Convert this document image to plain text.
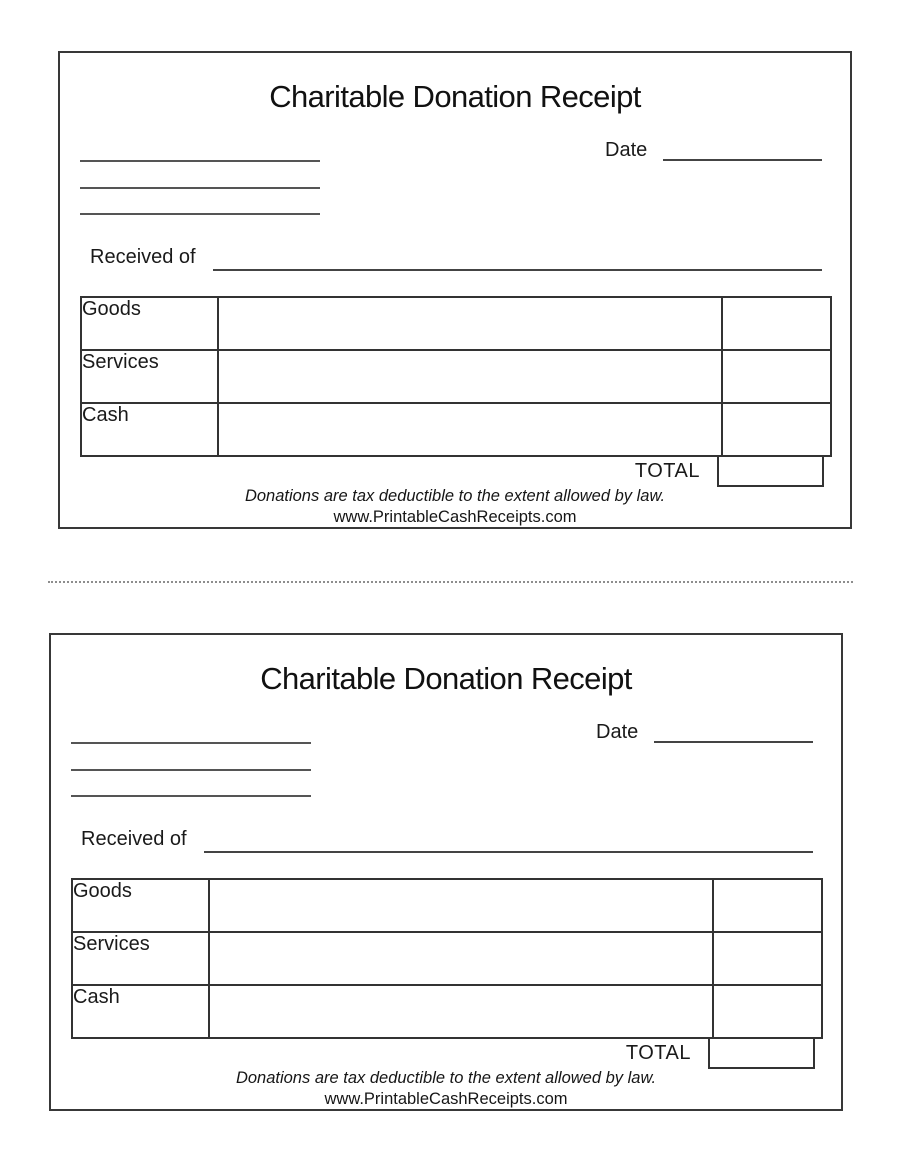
Charitable Donation Receipt
Date
Received of
Goods		
Services		
Cash		
TOTAL
Donations are tax deductible to the extent allowed by law.
www.PrintableCashReceipts.com
Charitable Donation Receipt
Date
Received of
Goods		
Services		
Cash		
TOTAL
Donations are tax deductible to the extent allowed by law.
www.PrintableCashReceipts.com
